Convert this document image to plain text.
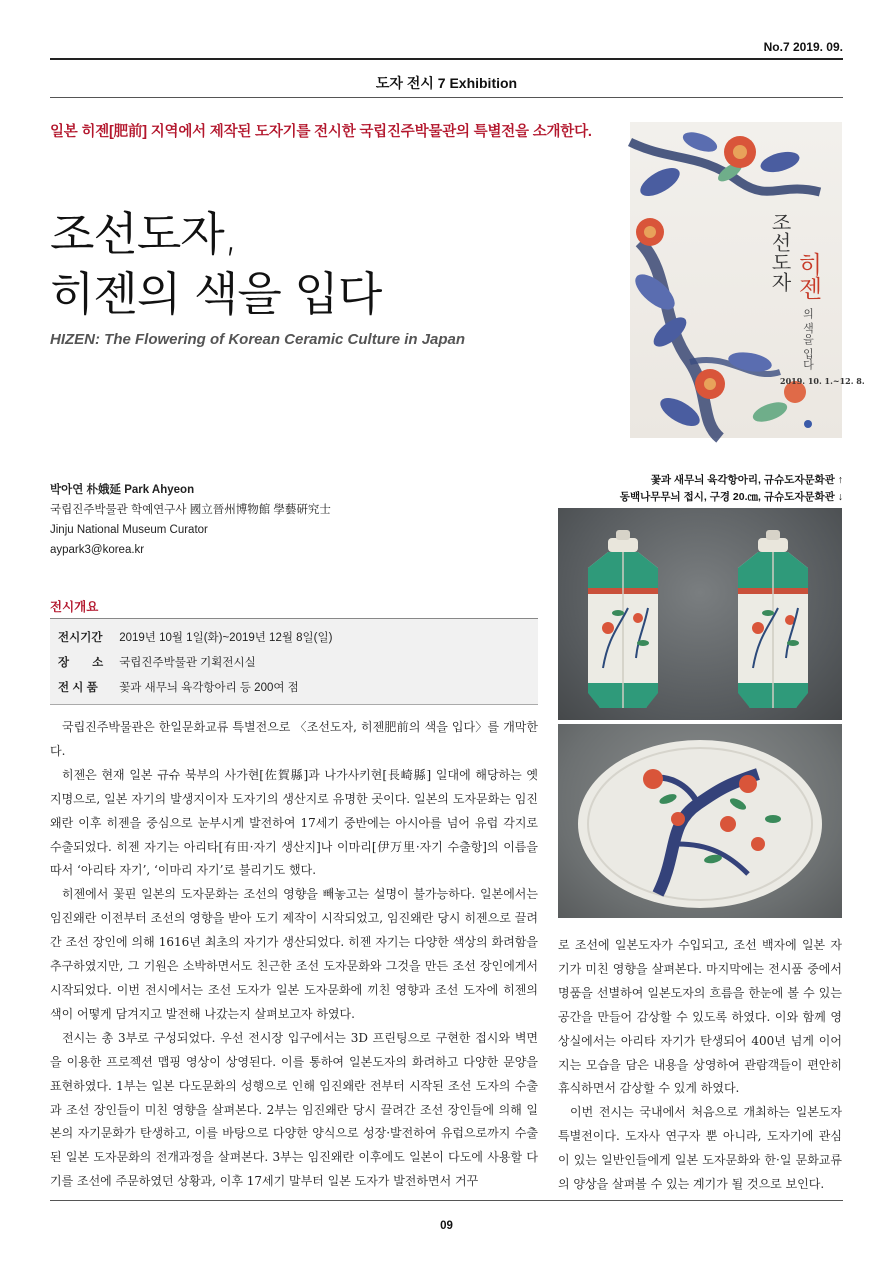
No.7 2019. 09.
도자 전시 7 Exhibition
일본 히젠[肥前] 지역에서 제작된 도자기를 전시한 국립진주박물관의 특별전을 소개한다.
조선도자,
히젠의 색을 입다
HIZEN: The Flowering of Korean Ceramic Culture in Japan
조선도자 히젠
의 색을 입다
2019. 10. 1.~12. 8.
박아연 朴娥延 Park Ahyeon
국립진주박물관 학예연구사 國立晉州博物館 學藝硏究士
Jinju National Museum Curator
aypark3@korea.kr
꽃과 새무늬 육각항아리, 규슈도자문화관 ↑
동백나무무늬 접시, 구경 20.㎝, 규슈도자문화관 ↓
전시개요
전시기간 2019년 10월 1일(화)~2019년 12월 8일(일)
장　　소 국립진주박물관 기획전시실
전 시 품 꽃과 새무늬 육각항아리 등 200여 점

국립진주박물관은 한일문화교류 특별전으로 〈조선도자, 히젠肥前의 색을 입다〉를 개막한다.

히젠은 현재 일본 규슈 북부의 사가현[佐賀縣]과 나가사키현[長崎縣] 일대에 해당하는 옛 지명으로, 일본 자기의 발생지이자 도자기의 생산지로 유명한 곳이다. 일본의 도자문화는 임진왜란 이후 히젠을 중심으로 눈부시게 발전하여 17세기 중반에는 아시아를 넘어 유럽 각지로 수출되었다. 히젠 자기는 아리타[有田·자기 생산지]나 이마리[伊万里·자기 수출항]의 이름을 따서 ‘아리타 자기’, ‘이마리 자기’로 불리기도 했다.

히젠에서 꽃핀 일본의 도자문화는 조선의 영향을 빼놓고는 설명이 불가능하다. 일본에서는 임진왜란 이전부터 조선의 영향을 받아 도기 제작이 시작되었고, 임진왜란 당시 히젠으로 끌려간 조선 장인에 의해 1616년 최초의 자기가 생산되었다. 히젠 자기는 다양한 색상의 화려함을 추구하였지만, 그 기원은 소박하면서도 친근한 조선 도자문화와 그것을 만든 조선 장인에게서 시작되었다. 이번 전시에서는 조선 도자가 일본 도자문화에 끼친 영향과 조선 도자에 히젠의 색이 어떻게 담겨지고 발전해 나갔는지 살펴보고자 하였다.

전시는 총 3부로 구성되었다. 우선 전시장 입구에서는 3D 프린팅으로 구현한 접시와 벽면을 이용한 프로젝션 맵핑 영상이 상영된다. 이를 통하여 일본도자의 화려하고 다양한 문양을 표현하였다. 1부는 일본 다도문화의 성행으로 인해 임진왜란 전부터 시작된 조선 도자의 수출과 조선 장인들이 미친 영향을 살펴본다. 2부는 임진왜란 당시 끌려간 조선 장인들에 의해 일본의 자기문화가 탄생하고, 이를 바탕으로 다양한 양식으로 성장·발전하여 유럽으로까지 수출된 일본 도자문화의 전개과정을 살펴본다. 3부는 임진왜란 이후에도 일본이 다도에 사용할 다기를 조선에 주문하였던 상황과, 이후 17세기 말부터 일본 도자가 발전하면서 거꾸

로 조선에 일본도자가 수입되고, 조선 백자에 일본 자기가 미친 영향을 살펴본다. 마지막에는 전시품 중에서 명품을 선별하여 일본도자의 흐름을 한눈에 볼 수 있는 공간을 만들어 감상할 수 있도록 하였다. 이와 함께 영상실에서는 아리타 자기가 탄생되어 400년 넘게 이어지는 모습을 담은 내용을 상영하여 관람객들이 편안히 휴식하면서 감상할 수 있게 하였다.

이번 전시는 국내에서 처음으로 개최하는 일본도자 특별전이다. 도자사 연구자 뿐 아니라, 도자기에 관심이 있는 일반인들에게 일본 도자문화와 한·일 문화교류의 양상을 살펴볼 수 있는 계기가 될 것으로 보인다.

09
